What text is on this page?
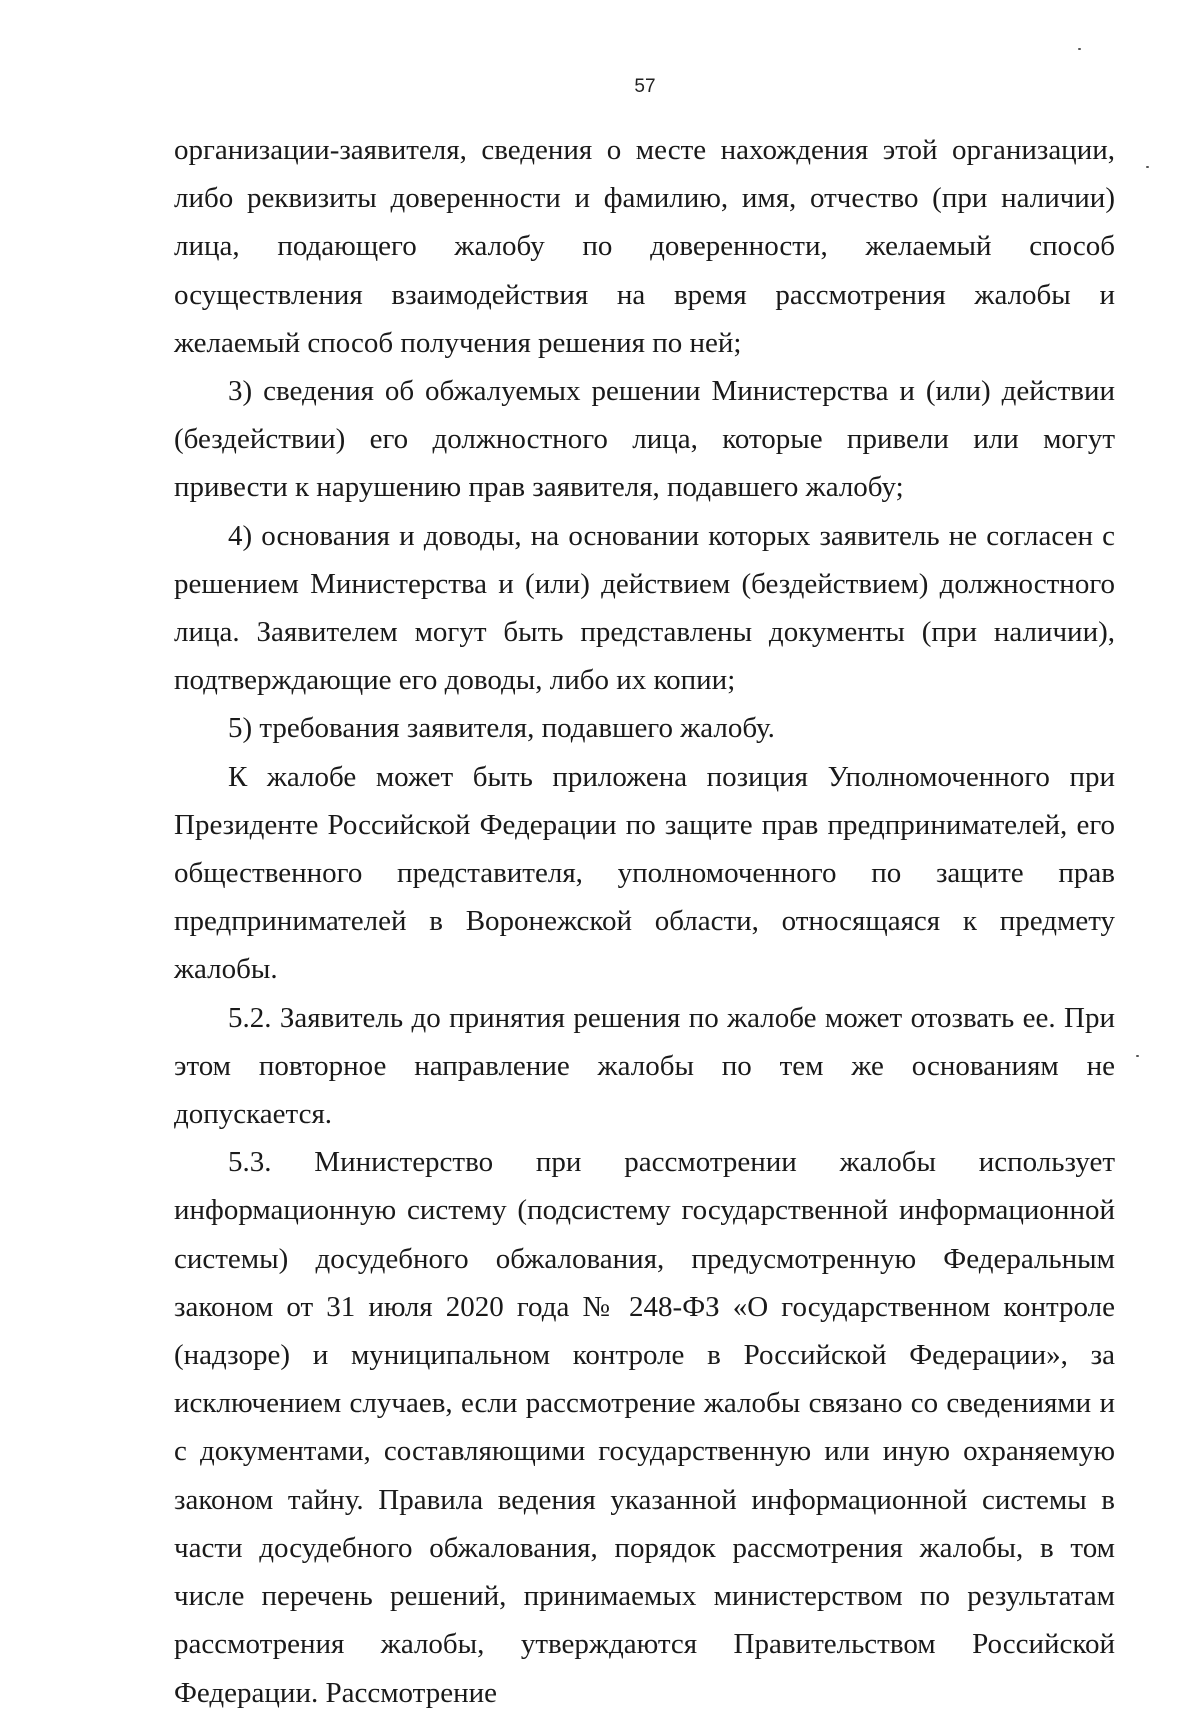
57

организации-заявителя, сведения о месте нахождения этой организации, либо реквизиты доверенности и фамилию, имя, отчество (при наличии) лица, подающего жалобу по доверенности, желаемый способ осуществления взаимодействия на время рассмотрения жалобы и желаемый способ получения решения по ней;

3) сведения об обжалуемых решении Министерства и (или) действии (бездействии) его должностного лица, которые привели или могут привести к нарушению прав заявителя, подавшего жалобу;

4) основания и доводы, на основании которых заявитель не согласен с решением Министерства и (или) действием (бездействием) должностного лица. Заявителем могут быть представлены документы (при наличии), подтверждающие его доводы, либо их копии;

5) требования заявителя, подавшего жалобу.

К жалобе может быть приложена позиция Уполномоченного при Президенте Российской Федерации по защите прав предпринимателей, его общественного представителя, уполномоченного по защите прав предпринимателей в Воронежской области, относящаяся к предмету жалобы.

5.2. Заявитель до принятия решения по жалобе может отозвать ее. При этом повторное направление жалобы по тем же основаниям не допускается.

5.3. Министерство при рассмотрении жалобы использует информационную систему (подсистему государственной информационной системы) досудебного обжалования, предусмотренную Федеральным законом от 31 июля 2020 года № 248-ФЗ «О государственном контроле (надзоре) и муниципальном контроле в Российской Федерации», за исключением случаев, если рассмотрение жалобы связано со сведениями и с документами, составляющими государственную или иную охраняемую законом тайну. Правила ведения указанной информационной системы в части досудебного обжалования, порядок рассмотрения жалобы, в том числе перечень решений, принимаемых министерством по результатам рассмотрения жалобы, утверждаются Правительством Российской Федерации. Рассмотрение
